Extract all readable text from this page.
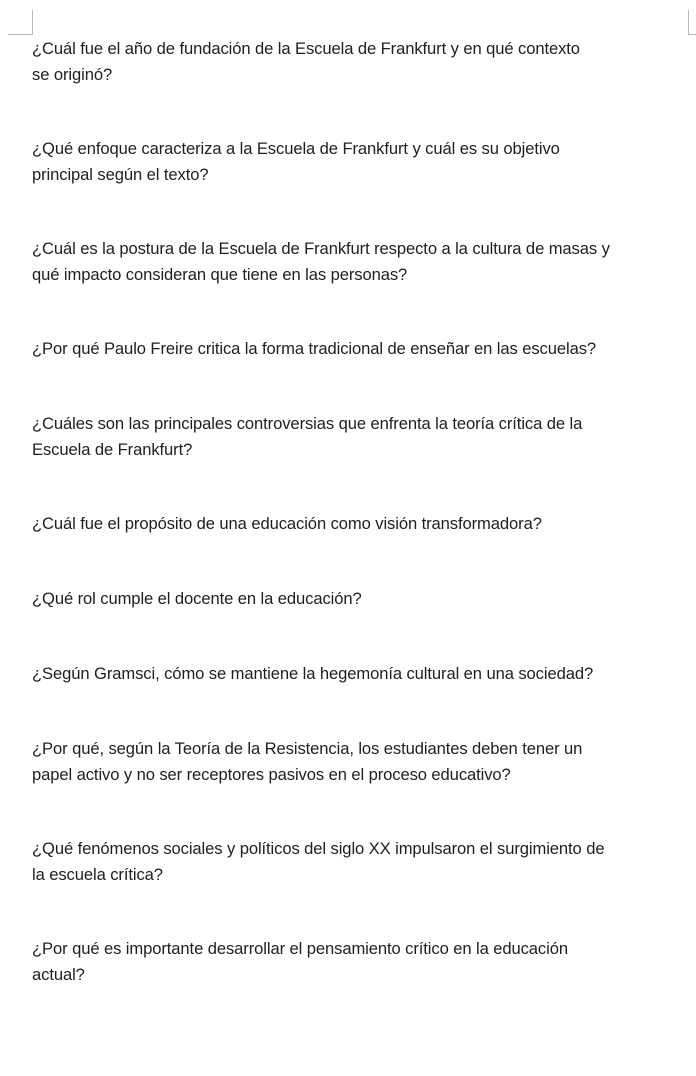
¿Cuál fue el año de fundación de la Escuela de Frankfurt y en qué contexto
se originó?

¿Qué enfoque caracteriza a la Escuela de Frankfurt y cuál es su objetivo
principal según el texto?

¿Cuál es la postura de la Escuela de Frankfurt respecto a la cultura de masas y
qué impacto consideran que tiene en las personas?

¿Por qué Paulo Freire critica la forma tradicional de enseñar en las escuelas?

¿Cuáles son las principales controversias que enfrenta la teoría crítica de la
Escuela de Frankfurt?

¿Cuál fue el propósito de una educación como visión transformadora?

¿Qué rol cumple el docente en la educación?

¿Según Gramsci, cómo se mantiene la hegemonía cultural en una sociedad?

¿Por qué, según la Teoría de la Resistencia, los estudiantes deben tener un
papel activo y no ser receptores pasivos en el proceso educativo?

¿Qué fenómenos sociales y políticos del siglo XX impulsaron el surgimiento de
la escuela crítica?

¿Por qué es importante desarrollar el pensamiento crítico en la educación
actual?
